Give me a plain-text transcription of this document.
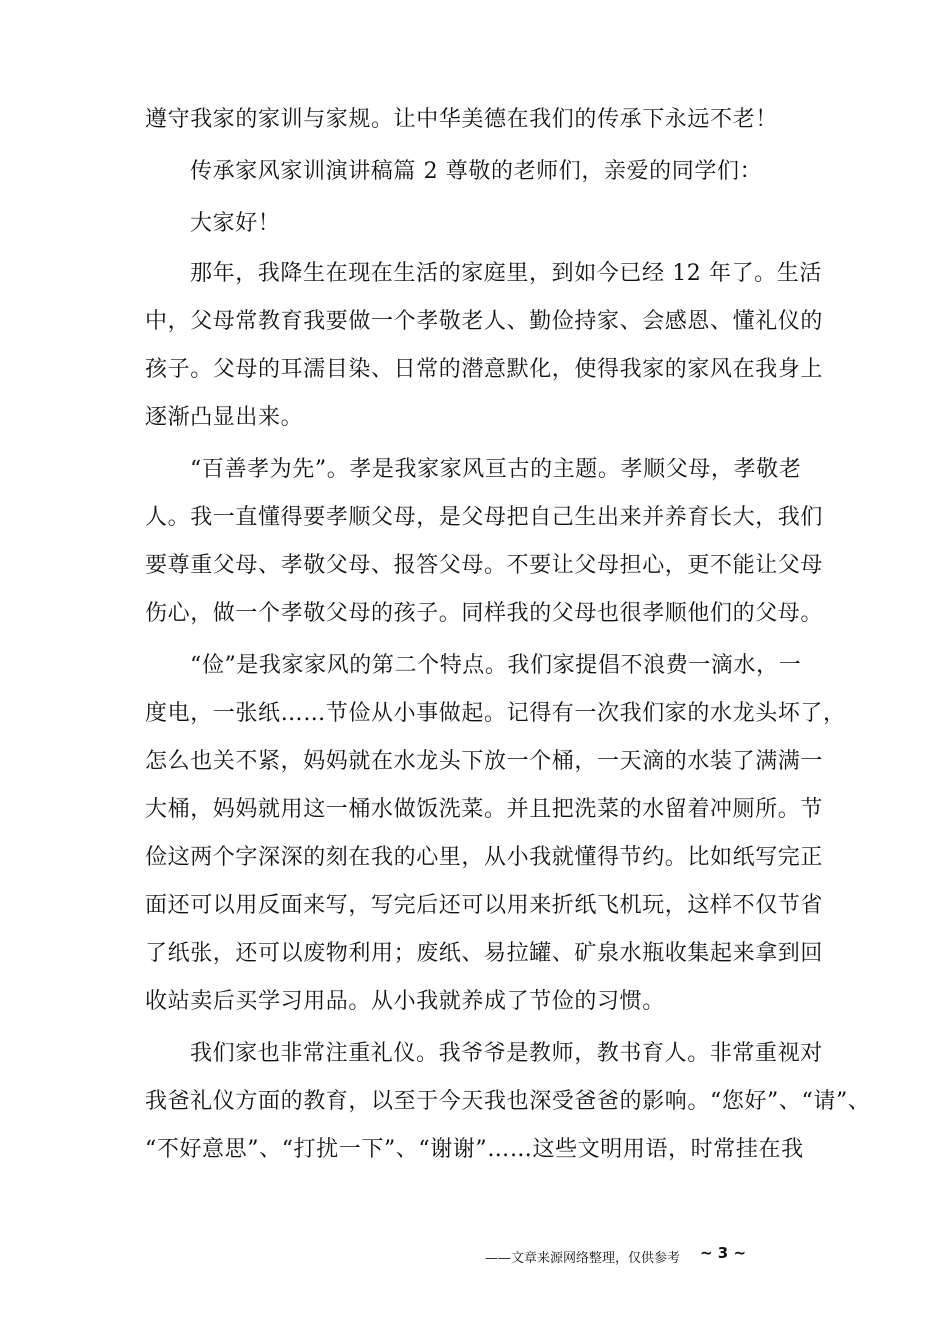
遵守我家的家训与家规。让中华美德在我们的传承下永远不老！
传承家风家训演讲稿篇 2 尊敬的老师们，亲爱的同学们：
大家好！
那年，我降生在现在生活的家庭里，到如今已经 12 年了。生活
中，父母常教育我要做一个孝敬老人、勤俭持家、会感恩、懂礼仪的
孩子。父母的耳濡目染、日常的潜意默化，使得我家的家风在我身上
逐渐凸显出来。
“百善孝为先”。孝是我家家风亘古的主题。孝顺父母，孝敬老
人。我一直懂得要孝顺父母，是父母把自己生出来并养育长大，我们
要尊重父母、孝敬父母、报答父母。不要让父母担心，更不能让父母
伤心，做一个孝敬父母的孩子。同样我的父母也很孝顺他们的父母。
“俭”是我家家风的第二个特点。我们家提倡不浪费一滴水，一
度电，一张纸……节俭从小事做起。记得有一次我们家的水龙头坏了，
怎么也关不紧，妈妈就在水龙头下放一个桶，一天滴的水装了满满一
大桶，妈妈就用这一桶水做饭洗菜。并且把洗菜的水留着冲厕所。节
俭这两个字深深的刻在我的心里，从小我就懂得节约。比如纸写完正
面还可以用反面来写，写完后还可以用来折纸飞机玩，这样不仅节省
了纸张，还可以废物利用；废纸、易拉罐、矿泉水瓶收集起来拿到回
收站卖后买学习用品。从小我就养成了节俭的习惯。
我们家也非常注重礼仪。我爷爷是教师，教书育人。非常重视对
我爸礼仪方面的教育，以至于今天我也深受爸爸的影响。“您好”、“请”、
“不好意思”、“打扰一下”、“谢谢”……这些文明用语，时常挂在我
——文章来源网络整理，仅供参考 ~ 3 ~
